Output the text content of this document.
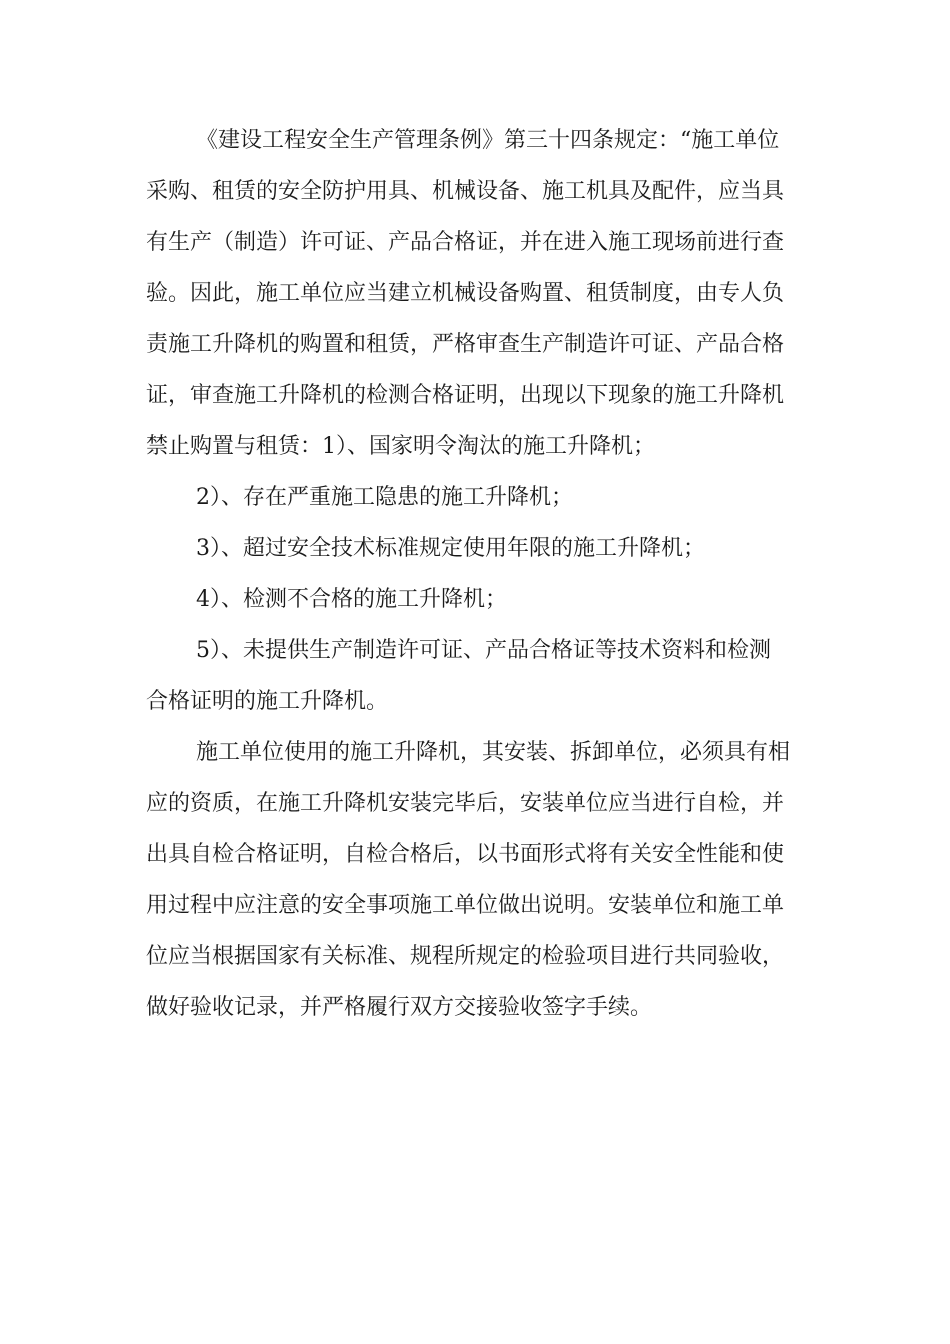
《建设工程安全生产管理条例》第三十四条规定：“施工单位
采购、租赁的安全防护用具、机械设备、施工机具及配件，应当具
有生产（制造）许可证、产品合格证，并在进入施工现场前进行查
验。因此，施工单位应当建立机械设备购置、租赁制度，由专人负
责施工升降机的购置和租赁，严格审查生产制造许可证、产品合格
证，审查施工升降机的检测合格证明，出现以下现象的施工升降机
禁止购置与租赁：1）、国家明令淘汰的施工升降机；
2）、存在严重施工隐患的施工升降机；
3）、超过安全技术标准规定使用年限的施工升降机；
4）、检测不合格的施工升降机；
5）、未提供生产制造许可证、产品合格证等技术资料和检测
合格证明的施工升降机。
施工单位使用的施工升降机，其安装、拆卸单位，必须具有相
应的资质，在施工升降机安装完毕后，安装单位应当进行自检，并
出具自检合格证明，自检合格后，以书面形式将有关安全性能和使
用过程中应注意的安全事项施工单位做出说明。安装单位和施工单
位应当根据国家有关标准、规程所规定的检验项目进行共同验收，
做好验收记录，并严格履行双方交接验收签字手续。
